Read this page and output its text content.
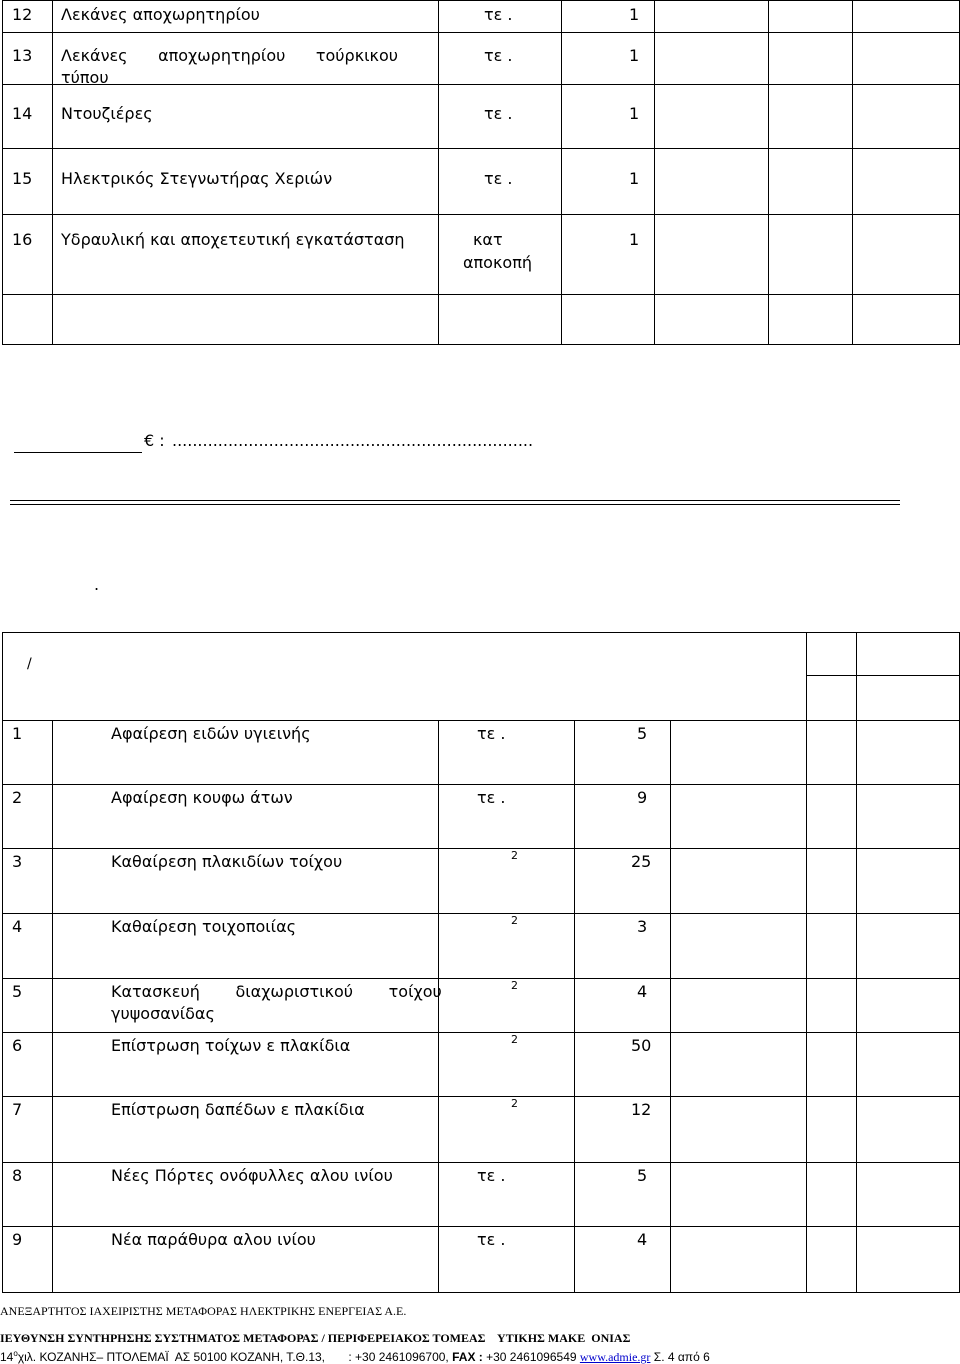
12	Λεκάνες αποχωρητηρίου	τε .	1			

13	Λεκάνες      αποχωρητηρίου      τούρκικου
τύπου	τε .	1			

14	Ντουζιέρες	τε .	1			

15	Ηλεκτρικός Στεγνωτήρας Χεριών	τε .	1			

16	Υδραυλική και αποχετευτική εγκατάσταση	κατ
αποκοπή	1			

€ : .......................................................................
.
/						

1	Αφαίρεση ειδών υγιεινής	τε .	5			

2	Αφαίρεση κουφω άτων	τε .	9			

3	Καθαίρεση πλακιδίων τοίχου	2	25			

4	Καθαίρεση τοιχοποιίας	2	3			

5	Κατασκευή       διαχωριστικού       τοίχου
γυψοσανίδας	2	4			

6	Επίστρωση τοίχων ε πλακίδια	2	50			

7	Επίστρωση δαπέδων ε πλακίδια	2	12			

8	Νέες Πόρτες ονόφυλλες αλου ινίου	τε .	5			

9	Νέα παράθυρα αλου ινίου	τε .	4			

ΑΝΕΞΑΡΤΗΤΟΣ ΙΑΧΕΙΡΙΣΤΗΣ ΜΕΤΑΦΟΡΑΣ ΗΛΕΚΤΡΙΚΗΣ ΕΝΕΡΓΕΙΑΣ Α.Ε.
ΙΕΥΘΥΝΣΗ ΣΥΝΤΗΡΗΣΗΣ ΣΥΣΤΗΜΑΤΟΣ ΜΕΤΑΦΟΡΑΣ / ΠΕΡΙΦΕΡΕΙΑΚΟΣ ΤΟΜΕΑΣ    ΥΤΙΚΗΣ ΜΑΚΕ  ΟΝΙΑΣ
$14^o\chi\iota\lambda$. ΚΟΖΑΝΗΣ– ΠΤΟΛΕΜΑΪ  ΑΣ 50100 ΚΟΖΑΝΗ, Τ.Θ.13,       : +30 2461096700, FAX : +30 2461096549 www.admie.gr Σ. 4 από 6
